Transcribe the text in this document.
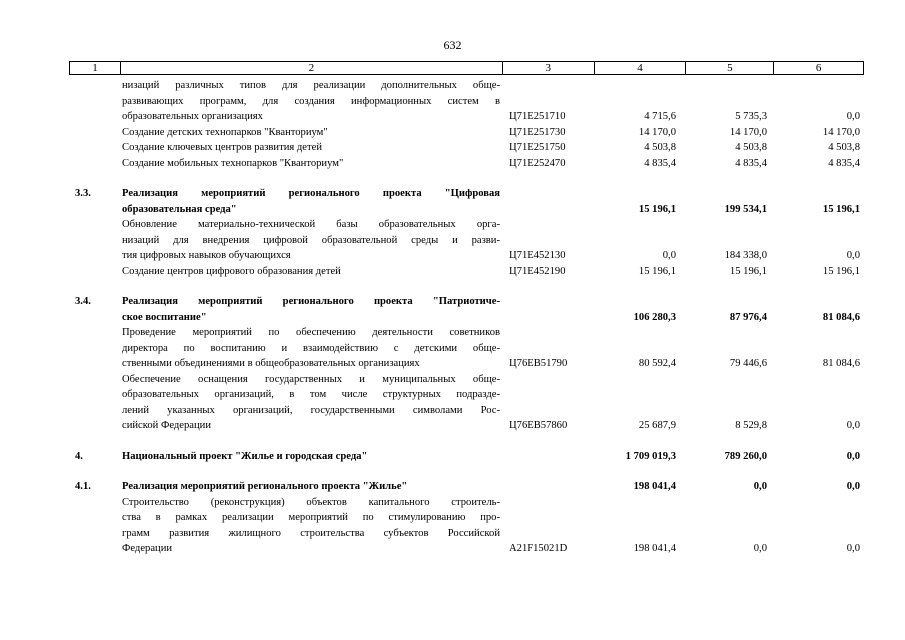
632
1	2	3	4	5	6
низаций различных типов для реализации дополнительных обще-
развивающих программ, для создания информационных систем в
образовательных организациях	Ц71Е251710	4 715,6	5 735,3	0,0
Создание детских технопарков "Кванториум"	Ц71Е251730	14 170,0	14 170,0	14 170,0
Создание ключевых центров развития детей	Ц71Е251750	4 503,8	4 503,8	4 503,8
Создание мобильных технопарков "Кванториум"	Ц71Е252470	4 835,4	4 835,4	4 835,4
3.3.	Реализация мероприятий регионального проекта "Цифровая
образовательная среда"	15 196,1	199 534,1	15 196,1
Обновление материально-технической базы образовательных орга-
низаций для внедрения цифровой образовательной среды и разви-
тия цифровых навыков обучающихся	Ц71Е452130	0,0	184 338,0	0,0
Создание центров цифрового образования детей	Ц71Е452190	15 196,1	15 196,1	15 196,1
3.4.	Реализация мероприятий регионального проекта "Патриотиче-
ское воспитание"	106 280,3	87 976,4	81 084,6
Проведение мероприятий по обеспечению деятельности советников
директора по воспитанию и взаимодействию с детскими обще-
ственными объединениями в общеобразовательных организациях	Ц76ЕВ51790	80 592,4	79 446,6	81 084,6
Обеспечение оснащения государственных и муниципальных обще-
образовательных организаций, в том числе структурных подразде-
лений указанных организаций, государственными символами Рос-
сийской Федерации	Ц76ЕВ57860	25 687,9	8 529,8	0,0
4.	Национальный проект "Жилье и городская среда"	1 709 019,3	789 260,0	0,0
4.1.	Реализация мероприятий регионального проекта "Жилье"	198 041,4	0,0	0,0
Строительство (реконструкция) объектов капитального строитель-
ства в рамках реализации мероприятий по стимулированию про-
грамм развития жилищного строительства субъектов Российской
Федерации	А21F15021D	198 041,4	0,0	0,0
